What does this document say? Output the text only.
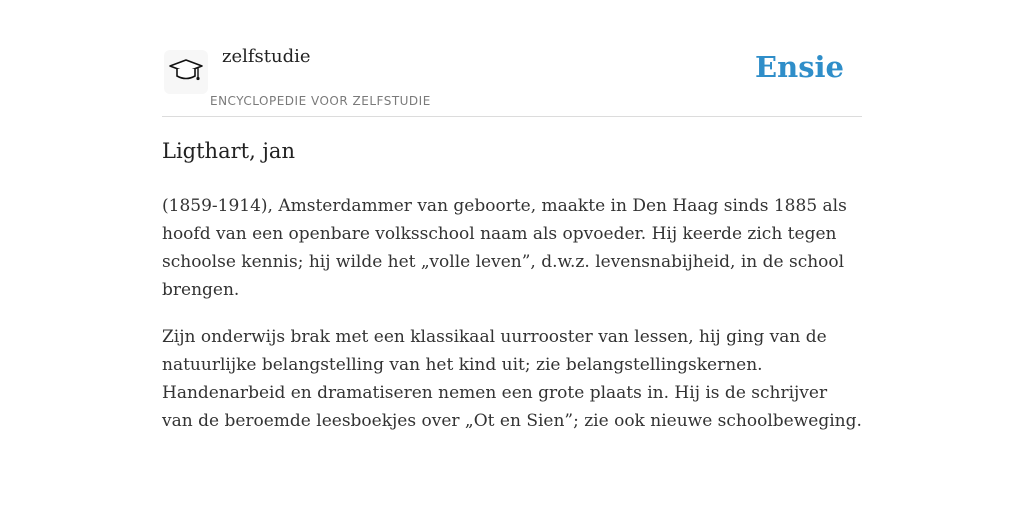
zelfstudie
ENCYCLOPEDIE VOOR ZELFSTUDIE
Ensie
Ligthart, jan

(1859-1914), Amsterdammer van geboorte, maakte in Den Haag sinds 1885 als hoofd van een openbare volksschool naam als opvoeder. Hij keerde zich tegen schoolse kennis; hij wilde het „volle leven”, d.w.z. levensnabijheid, in de school brengen.

Zijn onderwijs brak met een klassikaal uurrooster van lessen, hij ging van de natuurlijke belangstelling van het kind uit; zie belangstellingskernen. Handenarbeid en dramatiseren nemen een grote plaats in. Hij is de schrijver van de beroemde leesboekjes over „Ot en Sien”; zie ook nieuwe schoolbeweging.
